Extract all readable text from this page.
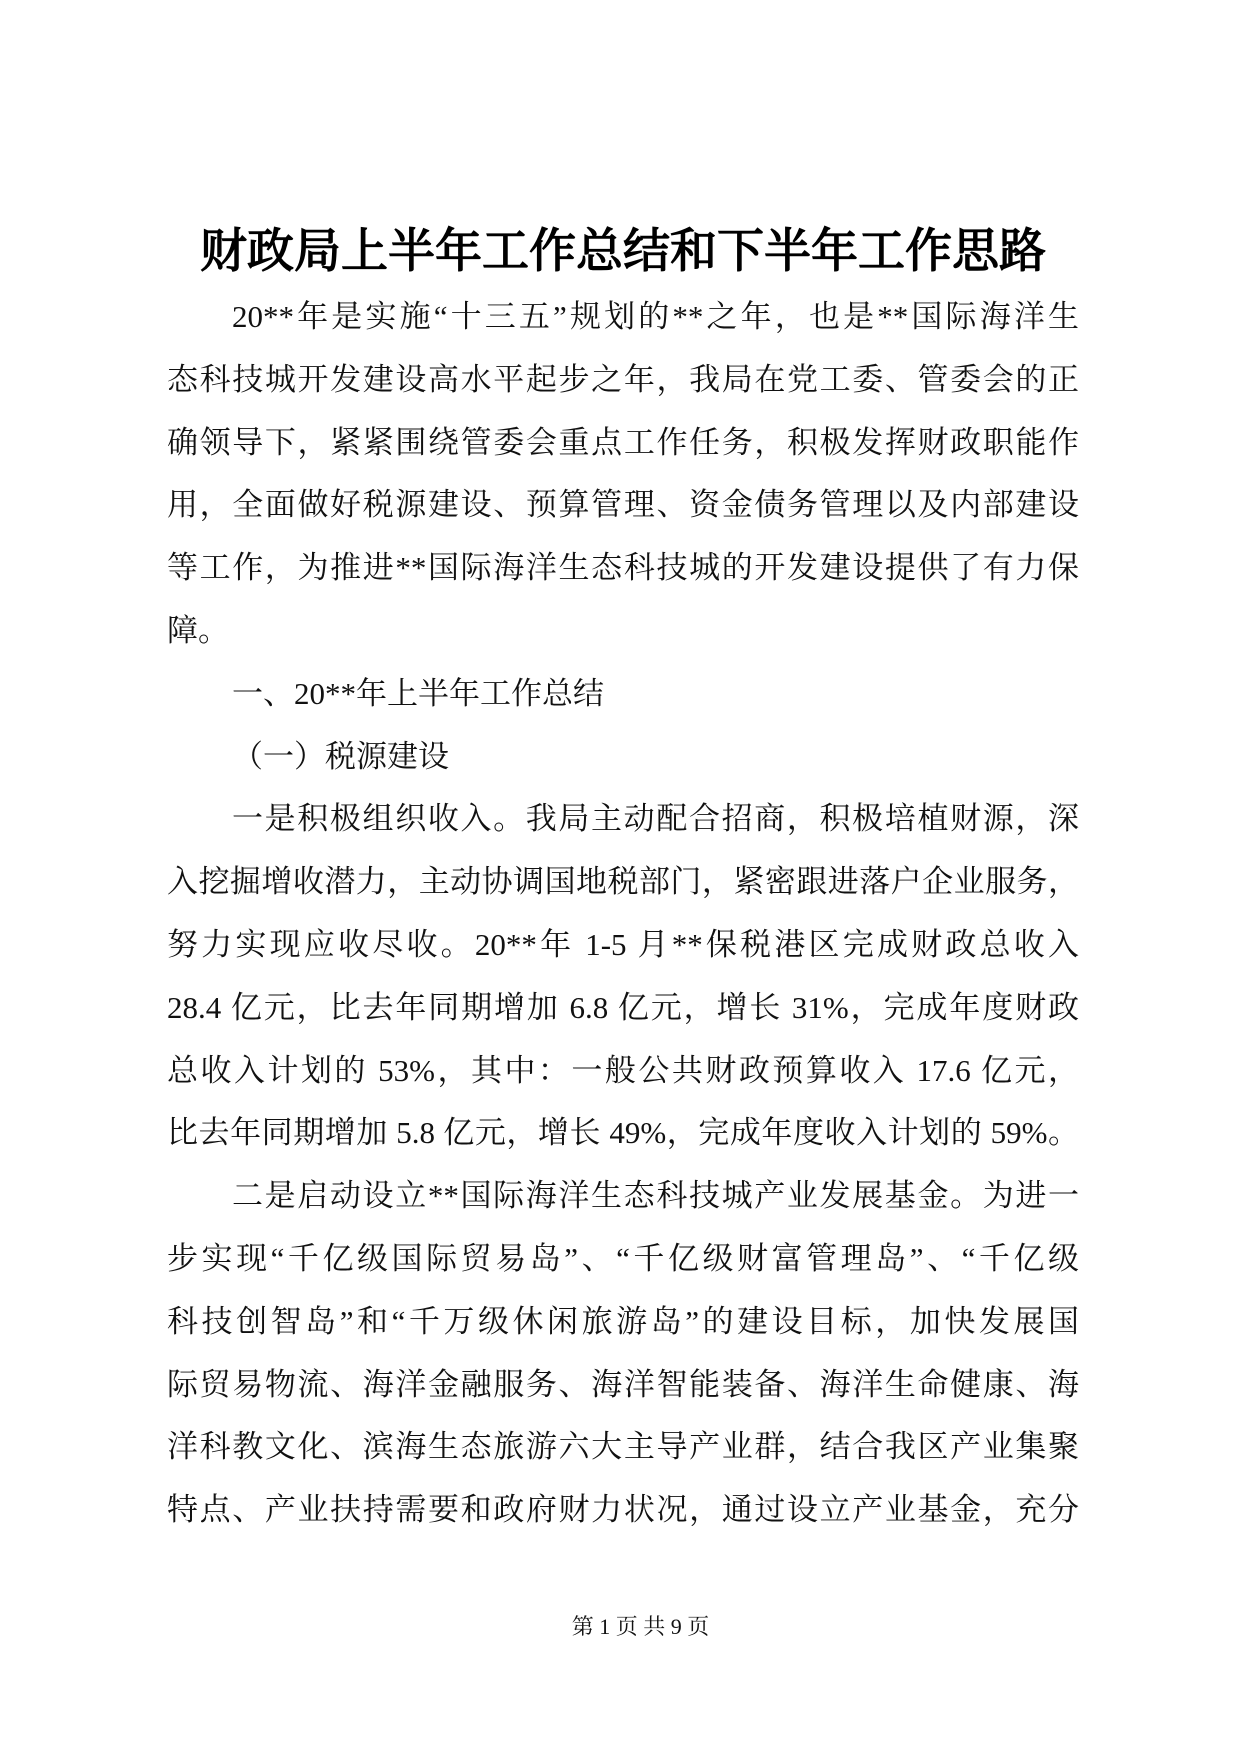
财政局上半年工作总结和下半年工作思路
20**年是实施“十三五”规划的**之年，也是**国际海洋生
态科技城开发建设高水平起步之年，我局在党工委、管委会的正
确领导下，紧紧围绕管委会重点工作任务，积极发挥财政职能作
用，全面做好税源建设、预算管理、资金债务管理以及内部建设
等工作，为推进**国际海洋生态科技城的开发建设提供了有力保
障。
一、20**年上半年工作总结
（一）税源建设
一是积极组织收入。我局主动配合招商，积极培植财源，深
入挖掘增收潜力，主动协调国地税部门，紧密跟进落户企业服务，
努力实现应收尽收。20**年 1-5 月**保税港区完成财政总收入
28.4 亿元，比去年同期增加 6.8 亿元，增长 31%，完成年度财政
总收入计划的 53%，其中：一般公共财政预算收入 17.6 亿元，
比去年同期增加 5.8 亿元，增长 49%，完成年度收入计划的 59%。
二是启动设立**国际海洋生态科技城产业发展基金。为进一
步实现“千亿级国际贸易岛”、“千亿级财富管理岛”、“千亿级
科技创智岛”和“千万级休闲旅游岛”的建设目标，加快发展国
际贸易物流、海洋金融服务、海洋智能装备、海洋生命健康、海
洋科教文化、滨海生态旅游六大主导产业群，结合我区产业集聚
特点、产业扶持需要和政府财力状况，通过设立产业基金，充分
第 1 页 共 9 页
